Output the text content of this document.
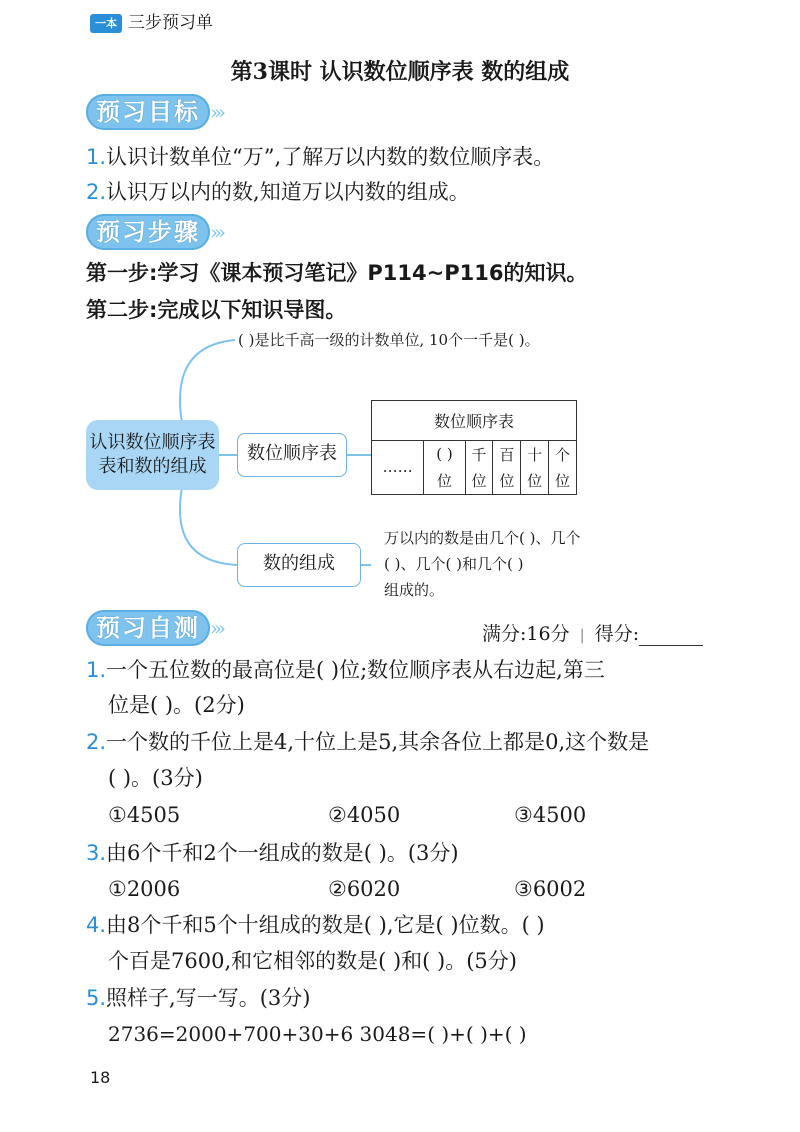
一本 三步预习单
第3课时 认识数位顺序表 数的组成
预习目标 ›››
1.认识计数单位“万”,了解万以内数的数位顺序表。
2.认识万以内的数,知道万以内数的组成。
预习步骤 ›››
第一步:学习《课本预习笔记》P114~P116的知识。
第二步:完成以下知识导图。
认识数位顺序表
表和数的组成
( )是比千高一级的计数单位, 10个一千是( )。
数位顺序表
数位顺序表					
……	( )	千	百	十	个
	位	位	位	位	位
数的组成
万以内的数是由几个( )、几个
( )、几个( )和几个( )
组成的。
预习自测 ›››	满分:16分 | 得分:
1.一个五位数的最高位是( )位;数位顺序表从右边起,第三
位是( )。(2分)
2.一个数的千位上是4,十位上是5,其余各位上都是0,这个数是
( )。(3分)
①4505	②4050	③4500
3.由6个千和2个一组成的数是( )。(3分)
①2006	②6020	③6002
4.由8个千和5个十组成的数是( ),它是( )位数。( )
个百是7600,和它相邻的数是( )和( )。(5分)
5.照样子,写一写。(3分)
2736=2000+700+30+6 3048=( )+( )+( )
18
